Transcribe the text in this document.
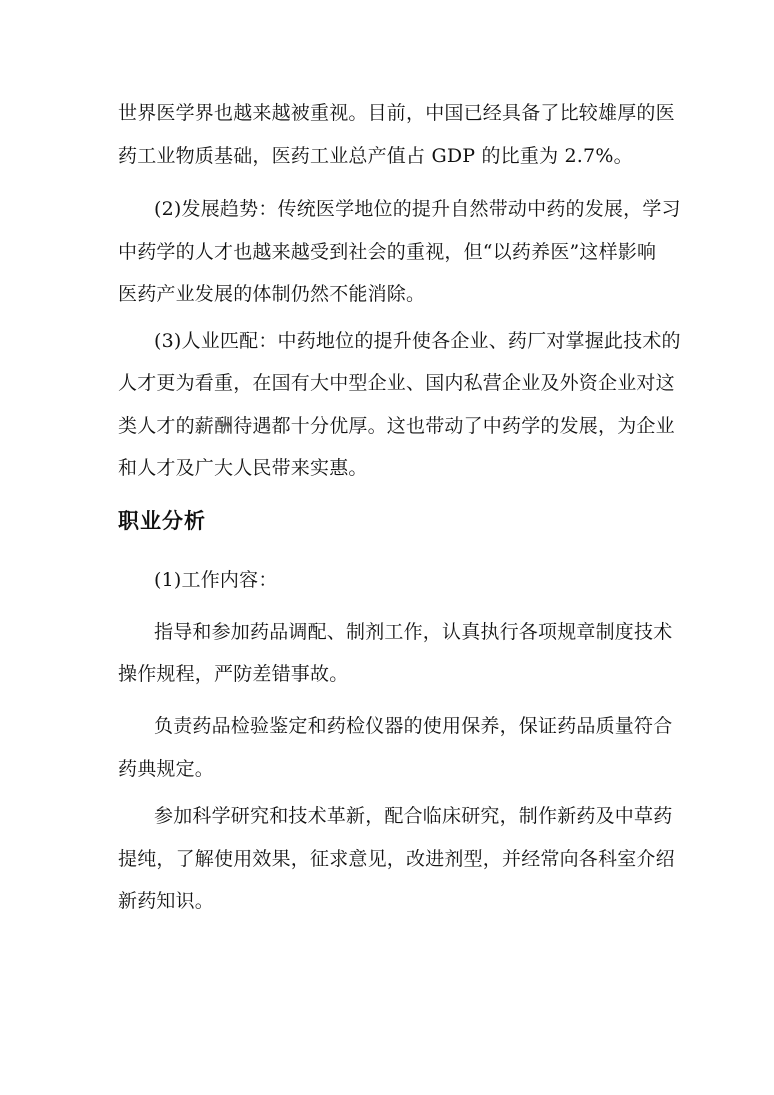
世界医学界也越来越被重视。目前，中国已经具备了比较雄厚的医
药工业物质基础，医药工业总产值占 GDP 的比重为 2.7%。
(2)发展趋势：传统医学地位的提升自然带动中药的发展，学习
中药学的人才也越来越受到社会的重视，但“以药养医”这样影响
医药产业发展的体制仍然不能消除。
(3)人业匹配：中药地位的提升使各企业、药厂对掌握此技术的
人才更为看重，在国有大中型企业、国内私营企业及外资企业对这
类人才的薪酬待遇都十分优厚。这也带动了中药学的发展，为企业
和人才及广大人民带来实惠。
职业分析
(1)工作内容：
指导和参加药品调配、制剂工作，认真执行各项规章制度技术
操作规程，严防差错事故。
负责药品检验鉴定和药检仪器的使用保养，保证药品质量符合
药典规定。
参加科学研究和技术革新，配合临床研究，制作新药及中草药
提纯，了解使用效果，征求意见，改进剂型，并经常向各科室介绍
新药知识。
